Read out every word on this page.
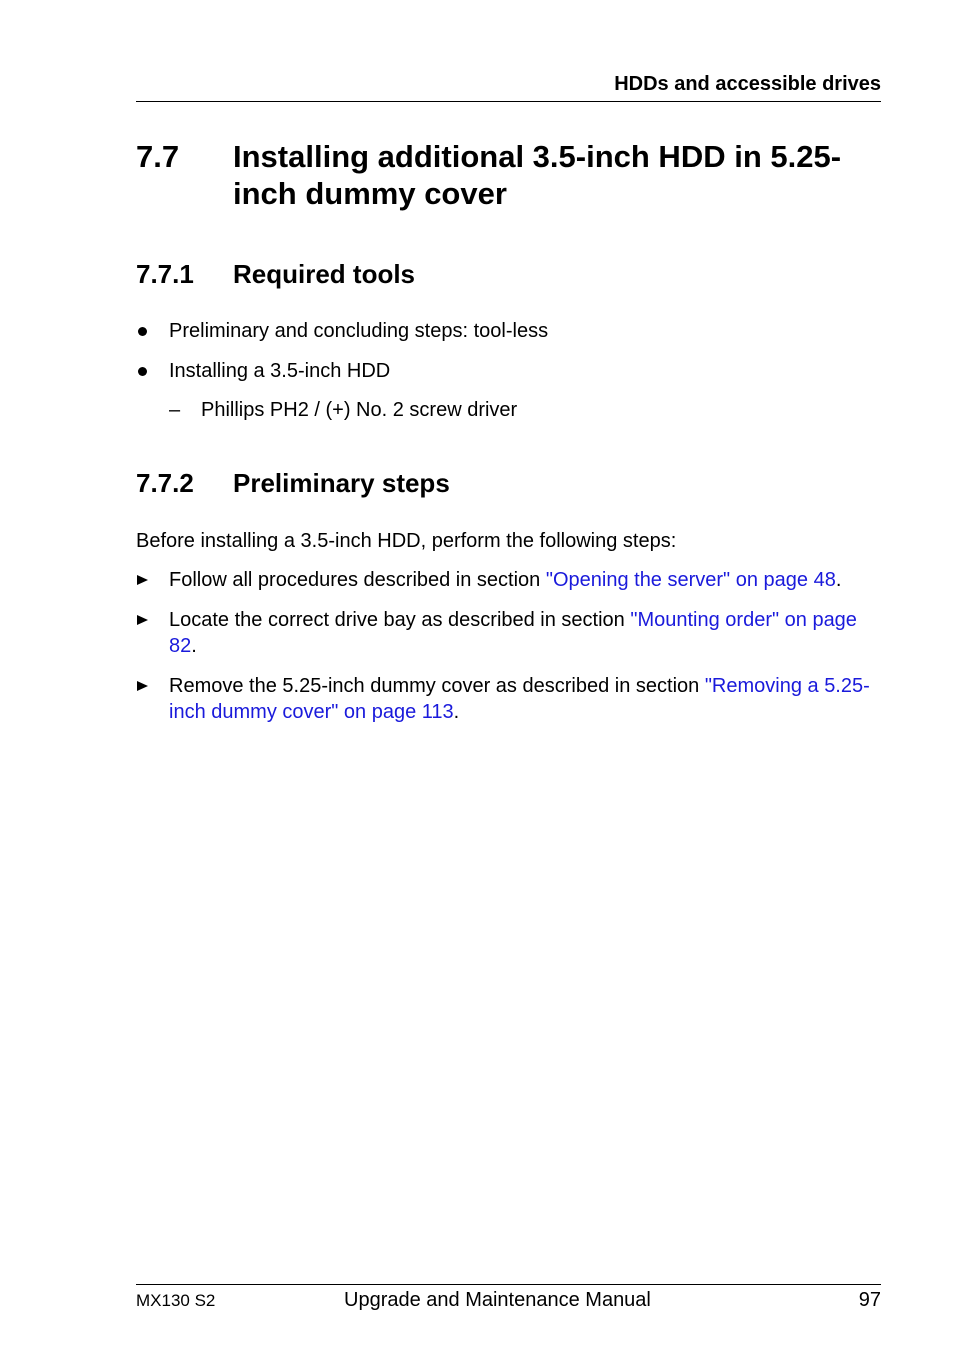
HDDs and accessible drives
7.7 Installing additional 3.5-inch HDD in 5.25-inch dummy cover
7.7.1 Required tools
Preliminary and concluding steps: tool-less
Installing a 3.5-inch HDD
– Phillips PH2 / (+) No. 2 screw driver
7.7.2 Preliminary steps
Before installing a 3.5-inch HDD, perform the following steps:
Follow all procedures described in section "Opening the server" on page 48.
Locate the correct drive bay as described in section "Mounting order" on page 82.
Remove the 5.25-inch dummy cover as described in section "Removing a 5.25-inch dummy cover" on page 113.
MX130 S2	Upgrade and Maintenance Manual	97
